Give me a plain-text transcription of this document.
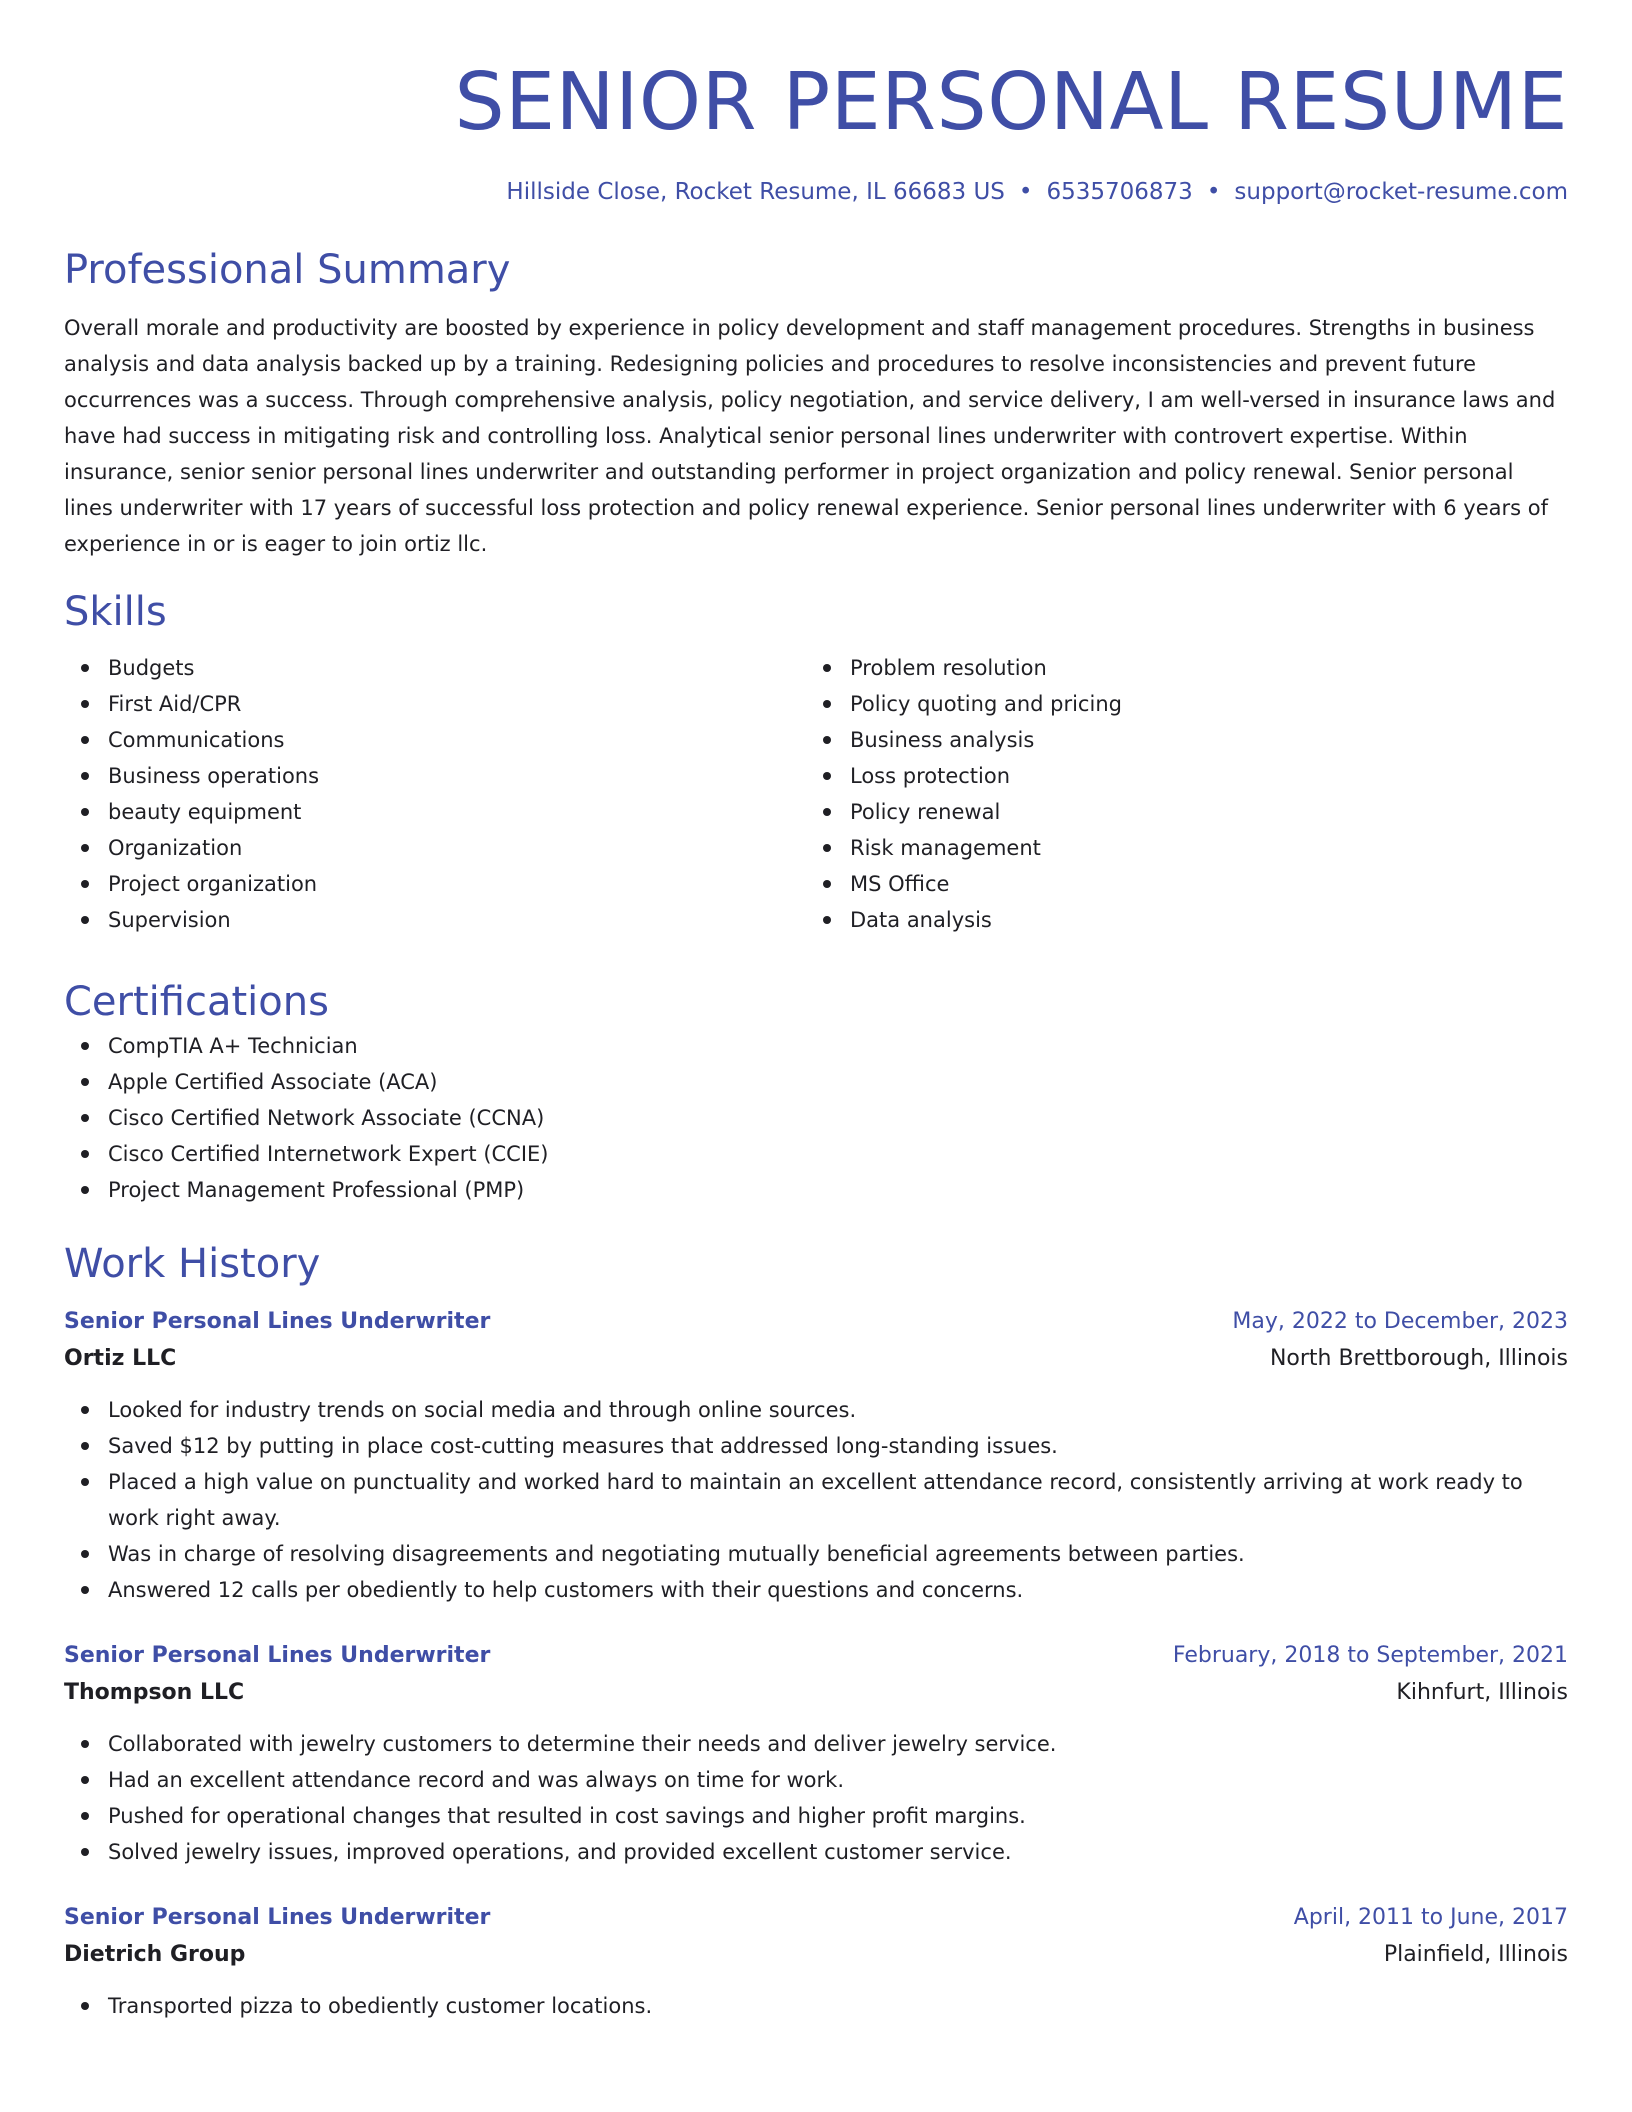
SENIOR PERSONAL RESUME
Hillside Close, Rocket Resume, IL 66683 US • 6535706873 • support@rocket-resume.com
Professional Summary

Overall morale and productivity are boosted by experience in policy development and staff management procedures. Strengths in business analysis and data analysis backed up by a training. Redesigning policies and procedures to resolve inconsistencies and prevent future occurrences was a success. Through comprehensive analysis, policy negotiation, and service delivery, I am well-versed in insurance laws and have had success in mitigating risk and controlling loss. Analytical senior personal lines underwriter with controvert expertise. Within insurance, senior senior personal lines underwriter and outstanding performer in project organization and policy renewal. Senior personal lines underwriter with 17 years of successful loss protection and policy renewal experience. Senior personal lines underwriter with 6 years of experience in or is eager to join ortiz llc.

Skills
Budgets
First Aid/CPR
Communications
Business operations
beauty equipment
Organization
Project organization
Supervision
Problem resolution
Policy quoting and pricing
Business analysis
Loss protection
Policy renewal
Risk management
MS Office
Data analysis
Certifications
CompTIA A+ Technician
Apple Certified Associate (ACA)
Cisco Certified Network Associate (CCNA)
Cisco Certified Internetwork Expert (CCIE)
Project Management Professional (PMP)
Work History
Senior Personal Lines Underwriter	May, 2022 to December, 2023
Ortiz LLC	North Brettborough, Illinois
Looked for industry trends on social media and through online sources.
Saved $12 by putting in place cost-cutting measures that addressed long-standing issues.
Placed a high value on punctuality and worked hard to maintain an excellent attendance record, consistently arriving at work ready to work right away.
Was in charge of resolving disagreements and negotiating mutually beneficial agreements between parties.
Answered 12 calls per obediently to help customers with their questions and concerns.
Senior Personal Lines Underwriter	February, 2018 to September, 2021
Thompson LLC	Kihnfurt, Illinois
Collaborated with jewelry customers to determine their needs and deliver jewelry service.
Had an excellent attendance record and was always on time for work.
Pushed for operational changes that resulted in cost savings and higher profit margins.
Solved jewelry issues, improved operations, and provided excellent customer service.
Senior Personal Lines Underwriter	April, 2011 to June, 2017
Dietrich Group	Plainfield, Illinois
Transported pizza to obediently customer locations.
